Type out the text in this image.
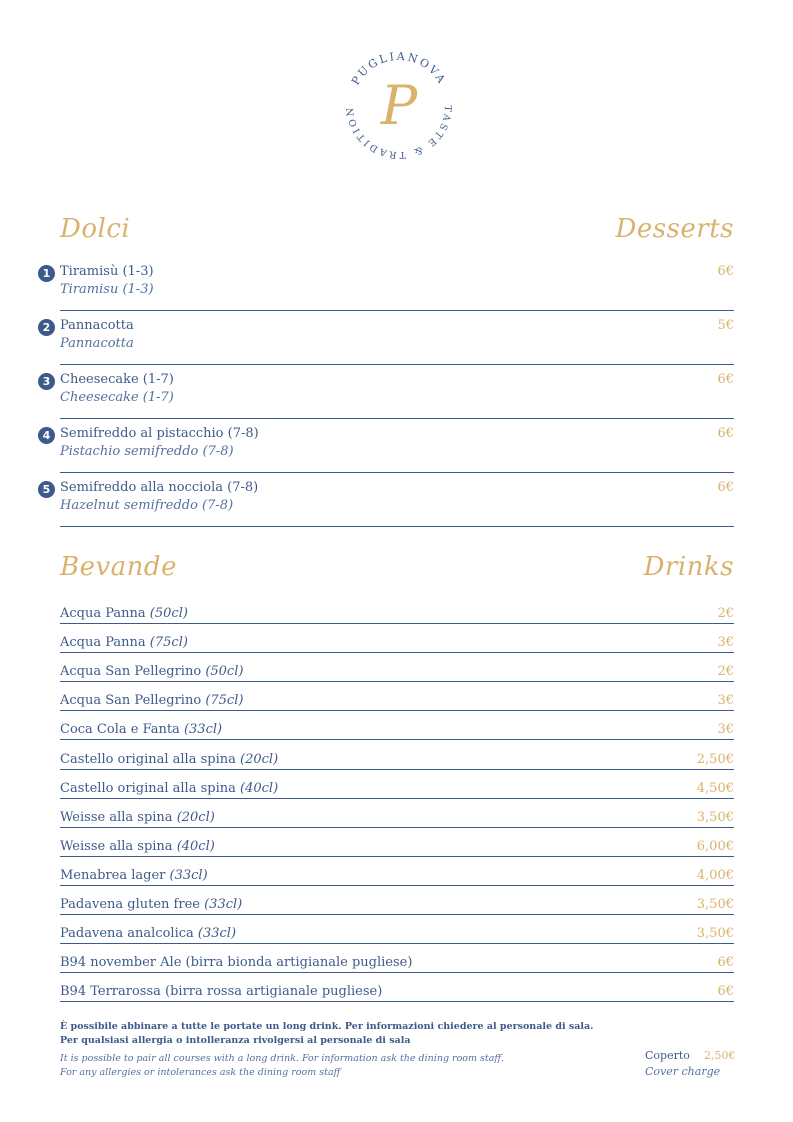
PUGLIANOVA
TASTE & TRADITION P
Dolci	Desserts
1 Tiramisù (1-3)
Tiramisu (1-3)
6€
2 Pannacotta
Pannacotta
5€
3 Cheesecake (1-7)
Cheesecake (1-7)
6€
4 Semifreddo al pistacchio (7-8)
Pistachio semifreddo (7-8)
6€
5 Semifreddo alla nocciola (7-8)
Hazelnut semifreddo (7-8)
6€
Bevande	Drinks
Acqua Panna (50cl)	2€
Acqua Panna (75cl)	3€
Acqua San Pellegrino (50cl)	2€
Acqua San Pellegrino (75cl)	3€
Coca Cola e Fanta (33cl)	3€
Castello original alla spina (20cl)	2,50€
Castello original alla spina (40cl)	4,50€
Weisse alla spina (20cl)	3,50€
Weisse alla spina (40cl)	6,00€
Menabrea lager (33cl)	4,00€
Padavena gluten free (33cl)	3,50€
Padavena analcolica (33cl)	3,50€
B94 november Ale (birra bionda artigianale pugliese)	6€
B94 Terrarossa (birra rossa artigianale pugliese)	6€
È possibile abbinare a tutte le portate un long drink. Per informazioni chiedere al personale di sala.
Per qualsiasi allergia o intolleranza rivolgersi al personale di sala
It is possible to pair all courses with a long drink. For information ask the dining room staff.
For any allergies or intolerances ask the dining room staff
Coperto 2,50€
Cover charge
